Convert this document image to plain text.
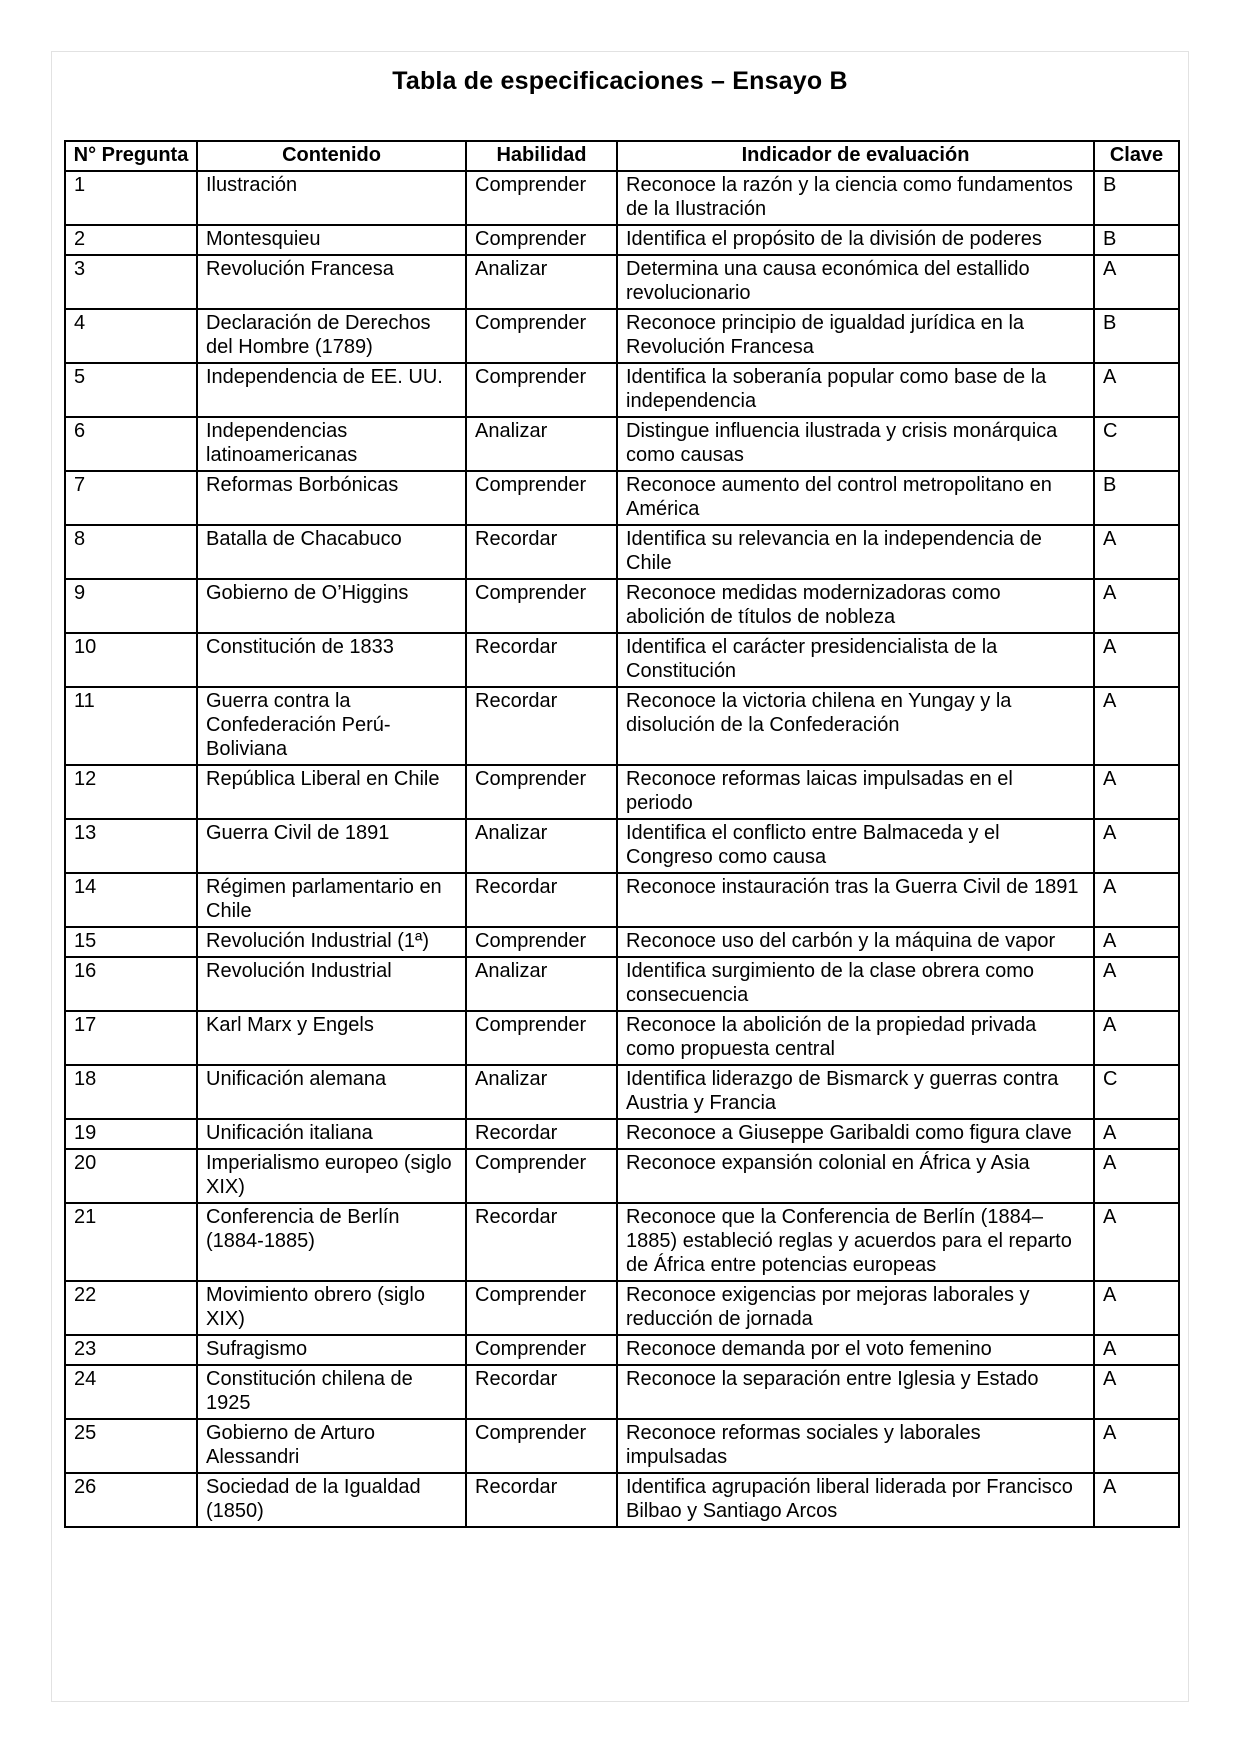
Tabla de especificaciones – Ensayo B
N° Pregunta	Contenido	Habilidad	Indicador de evaluación	Clave
1	Ilustración	Comprender	Reconoce la razón y la ciencia como fundamentos de la Ilustración	B
2	Montesquieu	Comprender	Identifica el propósito de la división de poderes	B
3	Revolución Francesa	Analizar	Determina una causa económica del estallido revolucionario	A
4	Declaración de Derechos del Hombre (1789)	Comprender	Reconoce principio de igualdad jurídica en la Revolución Francesa	B
5	Independencia de EE. UU.	Comprender	Identifica la soberanía popular como base de la independencia	A
6	Independencias latinoamericanas	Analizar	Distingue influencia ilustrada y crisis monárquica como causas	C
7	Reformas Borbónicas	Comprender	Reconoce aumento del control metropolitano en América	B
8	Batalla de Chacabuco	Recordar	Identifica su relevancia en la independencia de Chile	A
9	Gobierno de O’Higgins	Comprender	Reconoce medidas modernizadoras como abolición de títulos de nobleza	A
10	Constitución de 1833	Recordar	Identifica el carácter presidencialista de la Constitución	A
11	Guerra contra la Confederación Perú-Boliviana	Recordar	Reconoce la victoria chilena en Yungay y la disolución de la Confederación	A
12	República Liberal en Chile	Comprender	Reconoce reformas laicas impulsadas en el periodo	A
13	Guerra Civil de 1891	Analizar	Identifica el conflicto entre Balmaceda y el Congreso como causa	A
14	Régimen parlamentario en Chile	Recordar	Reconoce instauración tras la Guerra Civil de 1891	A
15	Revolución Industrial (1ª)	Comprender	Reconoce uso del carbón y la máquina de vapor	A
16	Revolución Industrial	Analizar	Identifica surgimiento de la clase obrera como consecuencia	A
17	Karl Marx y Engels	Comprender	Reconoce la abolición de la propiedad privada como propuesta central	A
18	Unificación alemana	Analizar	Identifica liderazgo de Bismarck y guerras contra Austria y Francia	C
19	Unificación italiana	Recordar	Reconoce a Giuseppe Garibaldi como figura clave	A
20	Imperialismo europeo (siglo XIX)	Comprender	Reconoce expansión colonial en África y Asia	A
21	Conferencia de Berlín (1884-1885)	Recordar	Reconoce que la Conferencia de Berlín (1884–1885) estableció reglas y acuerdos para el reparto de África entre potencias europeas	A
22	Movimiento obrero (siglo XIX)	Comprender	Reconoce exigencias por mejoras laborales y reducción de jornada	A
23	Sufragismo	Comprender	Reconoce demanda por el voto femenino	A
24	Constitución chilena de 1925	Recordar	Reconoce la separación entre Iglesia y Estado	A
25	Gobierno de Arturo Alessandri	Comprender	Reconoce reformas sociales y laborales impulsadas	A
26	Sociedad de la Igualdad (1850)	Recordar	Identifica agrupación liberal liderada por Francisco Bilbao y Santiago Arcos	A
